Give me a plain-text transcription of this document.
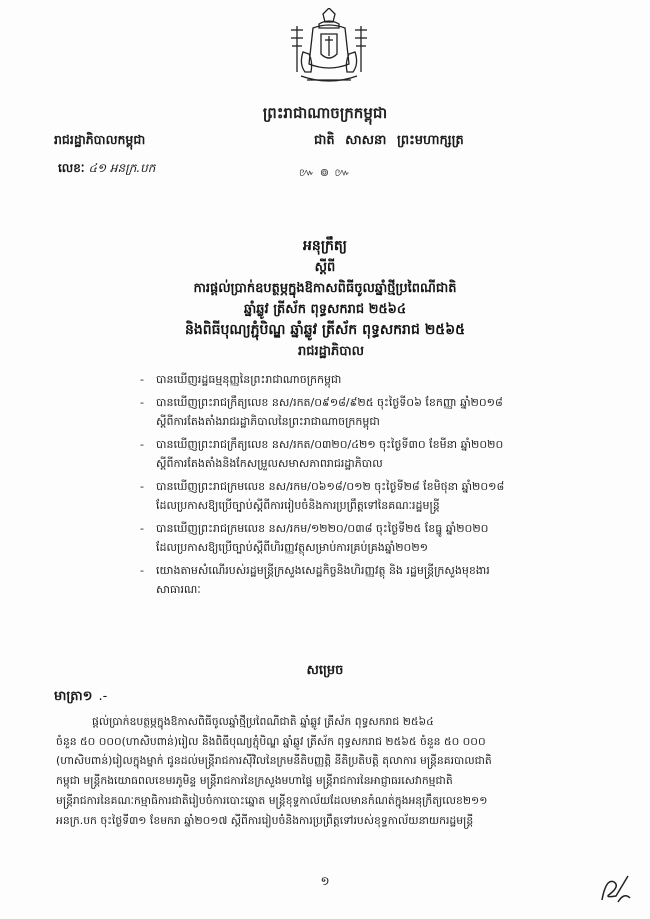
ព្រះរាជាណាចក្រកម្ពុជា
រាជរដ្ឋាភិបាលកម្ពុជា	ជាតិ សាសនា ព្រះមហាក្សត្រ
លេខៈ ៤១ អនក្រ.បក	៚ ៙ ៚
អនុក្រឹត្យ
ស្តីពី
ការផ្តល់ប្រាក់ឧបត្ថម្ភក្នុងឱកាសពិធីចូលឆ្នាំថ្មីប្រពៃណីជាតិ
ឆ្នាំឆ្លូវ ត្រីស័ក ពុទ្ធសករាជ ២៥៦៤
និងពិធីបុណ្យភ្ជុំបិណ្ឌ ឆ្នាំឆ្លូវ ត្រីស័ក ពុទ្ធសករាជ ២៥៦៥
រាជរដ្ឋាភិបាល
- បានឃើញរដ្ឋធម្មនុញ្ញនៃព្រះរាជាណាចក្រកម្ពុជា
- បានឃើញព្រះរាជក្រឹត្យលេខ នស/រកត/០៩១៨/៩២៥ ចុះថ្ងៃទី០៦ ខែកញ្ញា ឆ្នាំ២០១៨
ស្តីពីការតែងតាំងរាជរដ្ឋាភិបាលនៃព្រះរាជាណាចក្រកម្ពុជា
- បានឃើញព្រះរាជក្រឹត្យលេខ នស/រកត/០៣២០/៤២១ ចុះថ្ងៃទី៣០ ខែមីនា ឆ្នាំ២០២០
ស្តីពីការតែងតាំងនិងកែសម្រួលសមាសភាពរាជរដ្ឋាភិបាល
- បានឃើញព្រះរាជក្រមលេខ នស/រកម/០៦១៨/០១២ ចុះថ្ងៃទី២៨ ខែមិថុនា ឆ្នាំ២០១៨
ដែលប្រកាសឱ្យប្រើច្បាប់ស្តីពីការរៀបចំនិងការប្រព្រឹត្តទៅនៃគណៈរដ្ឋមន្ត្រី
- បានឃើញព្រះរាជក្រមលេខ នស/រកម/១២២០/០៣៨ ចុះថ្ងៃទី២៥ ខែធ្នូ ឆ្នាំ២០២០
ដែលប្រកាសឱ្យប្រើច្បាប់ស្តីពីហិរញ្ញវត្ថុសម្រាប់ការគ្រប់គ្រងឆ្នាំ២០២១
- យោងតាមសំណើរបស់រដ្ឋមន្ត្រីក្រសួងសេដ្ឋកិច្ចនិងហិរញ្ញវត្ថុ និង រដ្ឋមន្ត្រីក្រសួងមុខងារ
សាធារណៈ
សម្រេច
មាត្រា១ .-
ផ្តល់ប្រាក់ឧបត្ថម្ភក្នុងឱកាសពិធីចូលឆ្នាំថ្មីប្រពៃណីជាតិ ឆ្នាំឆ្លូវ ត្រីស័ក ពុទ្ធសករាជ ២៥៦៤
ចំនួន ៥០ ០០០(ហាសិបពាន់)រៀល និងពិធីបុណ្យភ្ជុំបិណ្ឌ ឆ្នាំឆ្លូវ ត្រីស័ក ពុទ្ធសករាជ ២៥៦៥ ចំនួន ៥០ ០០០
(ហាសិបពាន់)រៀលក្នុងម្នាក់ ជូនដល់មន្ត្រីរាជការស៊ីវិលនៃក្រមនីតិបញ្ញត្តិ នីតិប្រតិបត្តិ តុលាការ មន្ត្រីនគរបាលជាតិ
កម្ពុជា មន្ត្រីកងយោធពលខេមរភូមិន្ទ មន្ត្រីរាជការនៃក្រសួងមហាផ្ទៃ មន្ត្រីរាជការនៃអាជ្ញាធរសេវាកម្មជាតិ
មន្ត្រីរាជការនៃគណៈកម្មាធិការជាតិរៀបចំការបោះឆ្នោត មន្ត្រីខុទ្ទកាល័យដែលមានកំណត់ក្នុងអនុក្រឹត្យលេខ២១១
អនក្រ.បក ចុះថ្ងៃទី៣១ ខែមករា ឆ្នាំ២០១៧ ស្តីពីការរៀបចំនិងការប្រព្រឹត្តទៅរបស់ខុទ្ទកាល័យនាយករដ្ឋមន្ត្រី
១
